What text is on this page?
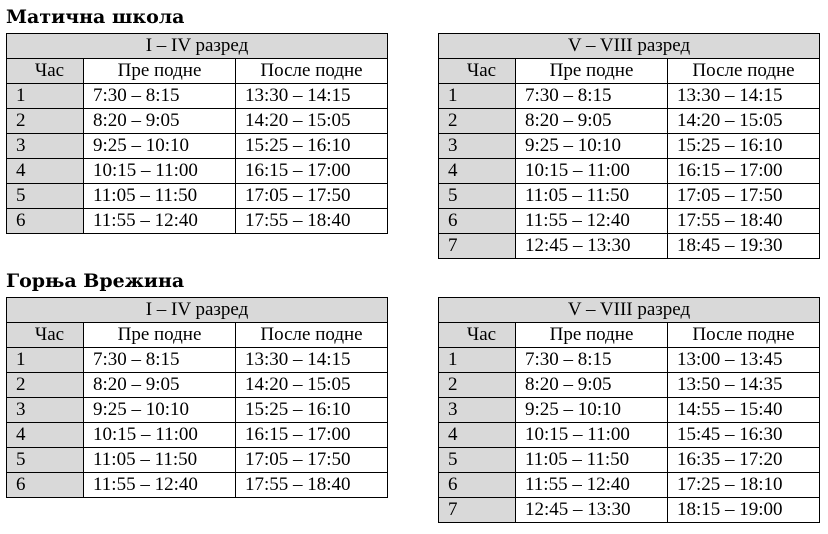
Матична школа
Горња Врежина
I – IV разред		
Час	Пре подне	После подне
1	7:30 – 8:15	13:30 – 14:15
2	8:20 – 9:05	14:20 – 15:05
3	9:25 – 10:10	15:25 – 16:10
4	10:15 – 11:00	16:15 – 17:00
5	11:05 – 11:50	17:05 – 17:50
6	11:55 – 12:40	17:55 – 18:40
V – VIII разред		
Час	Пре подне	После подне
1	7:30 – 8:15	13:30 – 14:15
2	8:20 – 9:05	14:20 – 15:05
3	9:25 – 10:10	15:25 – 16:10
4	10:15 – 11:00	16:15 – 17:00
5	11:05 – 11:50	17:05 – 17:50
6	11:55 – 12:40	17:55 – 18:40
7	12:45 – 13:30	18:45 – 19:30
I – IV разред		
Час	Пре подне	После подне
1	7:30 – 8:15	13:30 – 14:15
2	8:20 – 9:05	14:20 – 15:05
3	9:25 – 10:10	15:25 – 16:10
4	10:15 – 11:00	16:15 – 17:00
5	11:05 – 11:50	17:05 – 17:50
6	11:55 – 12:40	17:55 – 18:40
V – VIII разред		
Час	Пре подне	После подне
1	7:30 – 8:15	13:00 – 13:45
2	8:20 – 9:05	13:50 – 14:35
3	9:25 – 10:10	14:55 – 15:40
4	10:15 – 11:00	15:45 – 16:30
5	11:05 – 11:50	16:35 – 17:20
6	11:55 – 12:40	17:25 – 18:10
7	12:45 – 13:30	18:15 – 19:00
